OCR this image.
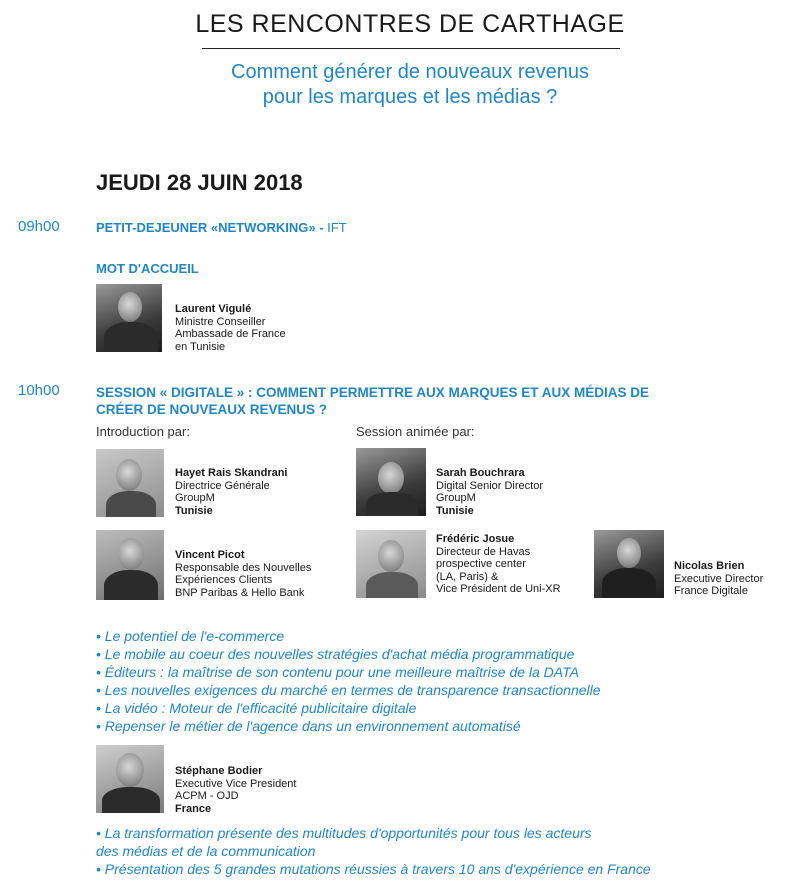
LES RENCONTRES DE CARTHAGE
Comment générer de nouveaux revenus
pour les marques et les médias ?
JEUDI 28 JUIN 2018
09h00	PETIT-DEJEUNER «NETWORKING» - IFT
MOT D'ACCUEIL
Laurent Vigulé
Ministre Conseiller
Ambassade de France
en Tunisie
10h00	SESSION « DIGITALE » : COMMENT PERMETTRE AUX MARQUES ET AUX MÉDIAS DE
CRÉER DE NOUVEAUX REVENUS ?
Introduction par:	Session animée par:
Hayet Rais Skandrani
Directrice Générale
GroupM
Tunisie
Sarah Bouchrara
Digital Senior Director
GroupM
Tunisie
Vincent Picot
Responsable des Nouvelles
Expériences Clients
BNP Paribas & Hello Bank
Frédéric Josue
Directeur de Havas
prospective center
(LA, Paris) &
Vice Président de Uni-XR
Nicolas Brien
Executive Director
France Digitale
• Le potentiel de l'e-commerce
• Le mobile au coeur des nouvelles stratégies d'achat média programmatique
• Éditeurs : la maîtrise de son contenu pour une meilleure maîtrise de la DATA
• Les nouvelles exigences du marché en termes de transparence transactionnelle
• La vidéo : Moteur de l'efficacité publicitaire digitale
• Repenser le métier de l'agence dans un environnement automatisé
Stéphane Bodier
Executive Vice President
ACPM - OJD
France
• La transformation présente des multitudes d'opportunités pour tous les acteurs
des médias et de la communication
• Présentation des 5 grandes mutations réussies à travers 10 ans d'expérience en France
